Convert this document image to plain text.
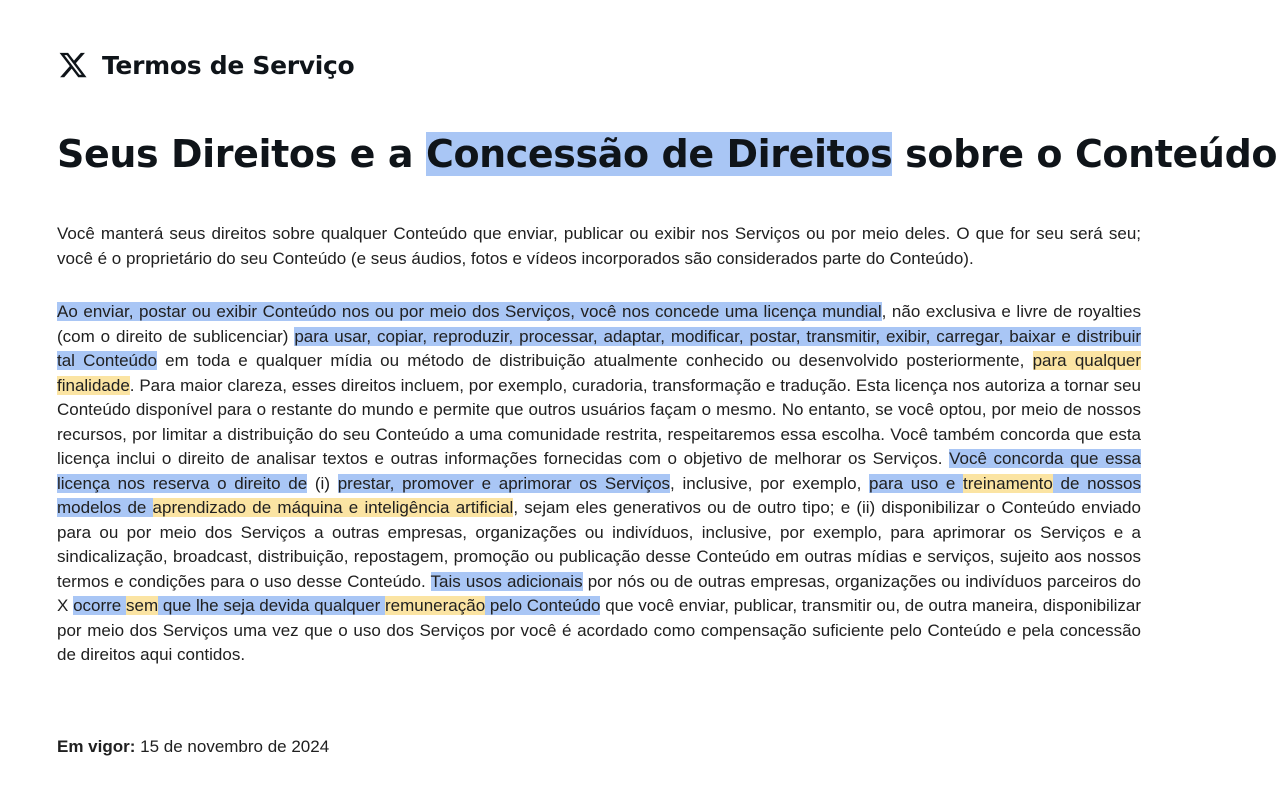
Termos de Serviço
Seus Direitos e a Concessão de Direitos sobre o Conteúdo

Você manterá seus direitos sobre qualquer Conteúdo que enviar, publicar ou exibir nos Serviços ou por meio deles. O que for seu será seu; você é o proprietário do seu Conteúdo (e seus áudios, fotos e vídeos incorporados são considerados parte do Conteúdo).

Ao enviar, postar ou exibir Conteúdo nos ou por meio dos Serviços, você nos concede uma licença mundial, não exclusiva e livre de royalties (com o direito de sublicenciar) para usar, copiar, reproduzir, processar, adaptar, modificar, postar, transmitir, exibir, carregar, baixar e distribuir tal Conteúdo em toda e qualquer mídia ou método de distribuição atualmente conhecido ou desenvolvido posteriormente, para qualquer finalidade. Para maior clareza, esses direitos incluem, por exemplo, curadoria, transformação e tradução. Esta licença nos autoriza a tornar seu Conteúdo disponível para o restante do mundo e permite que outros usuários façam o mesmo. No entanto, se você optou, por meio de nossos recursos, por limitar a distribuição do seu Conteúdo a uma comunidade restrita, respeitaremos essa escolha. Você também concorda que esta licença inclui o direito de analisar textos e outras informações fornecidas com o objetivo de melhorar os Serviços. Você concorda que essa licença nos reserva o direito de (i) prestar, promover e aprimorar os Serviços, inclusive, por exemplo, para uso e treinamento de nossos modelos de aprendizado de máquina e inteligência artificial, sejam eles generativos ou de outro tipo; e (ii) disponibilizar o Conteúdo enviado para ou por meio dos Serviços a outras empresas, organizações ou indivíduos, inclusive, por exemplo, para aprimorar os Serviços e a sindicalização, broadcast, distribuição, repostagem, promoção ou publicação desse Conteúdo em outras mídias e serviços, sujeito aos nossos termos e condições para o uso desse Conteúdo. Tais usos adicionais por nós ou de outras empresas, organizações ou indivíduos parceiros do X ocorre sem que lhe seja devida qualquer remuneração pelo Conteúdo que você enviar, publicar, transmitir ou, de outra maneira, disponibilizar por meio dos Serviços uma vez que o uso dos Serviços por você é acordado como compensação suficiente pelo Conteúdo e pela concessão de direitos aqui contidos.

Em vigor: 15 de novembro de 2024
